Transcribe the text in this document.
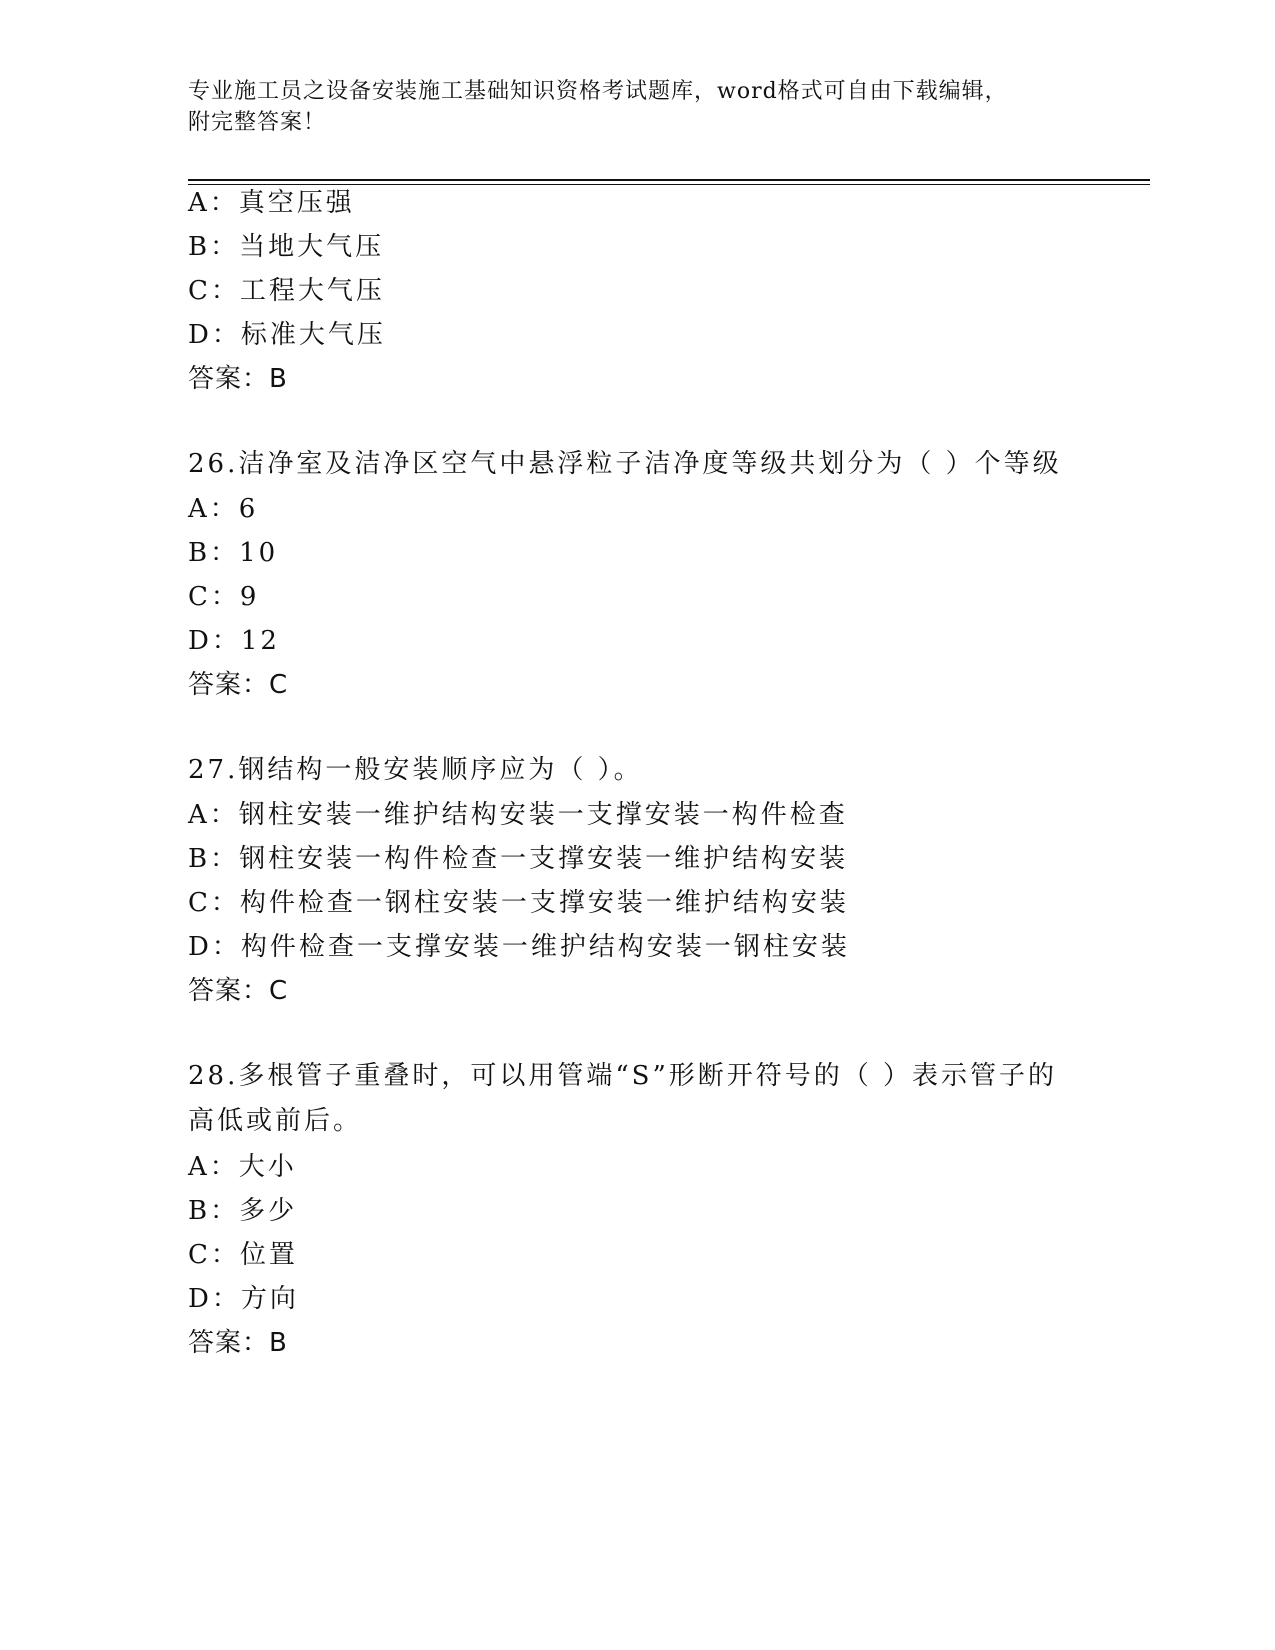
专业施工员之设备安装施工基础知识资格考试题库，word格式可自由下载编辑，
附完整答案！
A：真空压强
B：当地大气压
C：工程大气压
D：标准大气压
答案：B
26.洁净室及洁净区空气中悬浮粒子洁净度等级共划分为（ ）个等级
A：6
B：10
C：9
D：12
答案：C
27.钢结构一般安装顺序应为（ ）。
A：钢柱安装一维护结构安装一支撑安装一构件检查
B：钢柱安装一构件检查一支撑安装一维护结构安装
C：构件检查一钢柱安装一支撑安装一维护结构安装
D：构件检查一支撑安装一维护结构安装一钢柱安装
答案：C
28.多根管子重叠时，可以用管端“S”形断开符号的（ ）表示管子的
高低或前后。
A：大小
B：多少
C：位置
D：方向
答案：B
